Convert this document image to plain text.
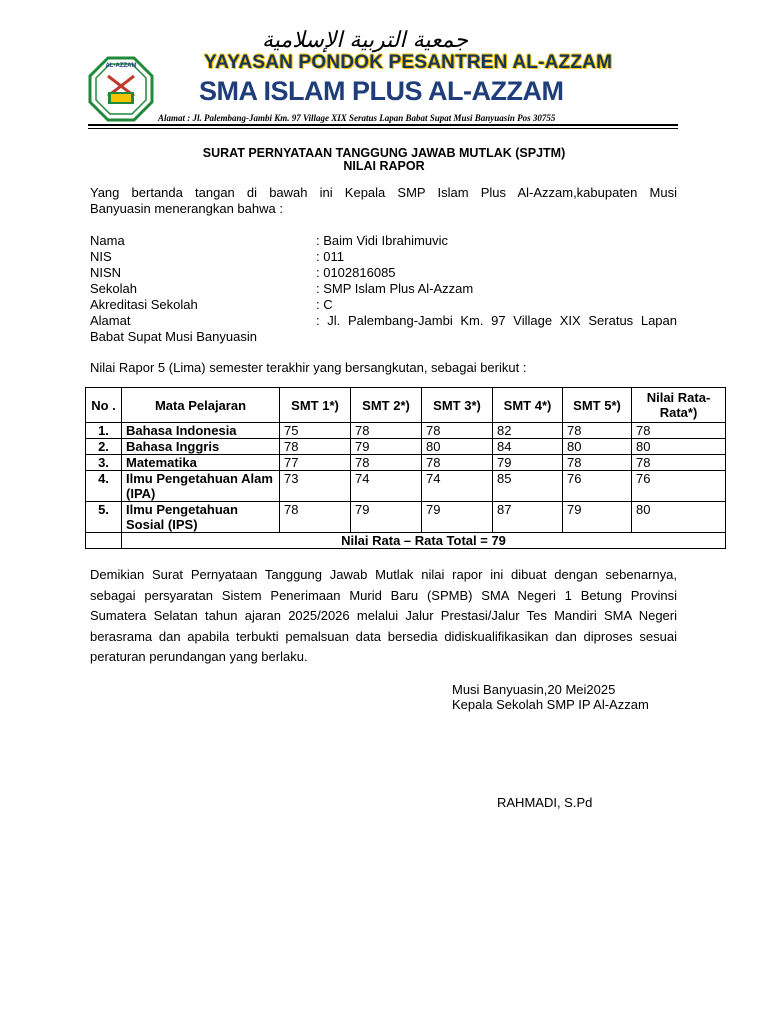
AL-AZZAM
جمعية التربية الإسلامية
YAYASAN PONDOK PESANTREN AL-AZZAM
SMA ISLAM PLUS AL-AZZAM
Alamat : Jl. Palembang-Jambi Km. 97 Village XIX Seratus Lapan Babat Supat Musi Banyuasin Pos 30755
SURAT PERNYATAAN TANGGUNG JAWAB MUTLAK (SPJTM)
NILAI RAPOR
Yang bertanda tangan di bawah ini Kepala SMP Islam Plus Al-Azzam,kabupaten Musi
Banyuasin menerangkan bahwa :
Nama	: Baim Vidi Ibrahimuvic
NIS	: 011
NISN	: 0102816085
Sekolah	: SMP Islam Plus Al-Azzam
Akreditasi Sekolah	: C
Alamat	: Jl. Palembang-Jambi Km. 97 Village XIX Seratus Lapan
Babat Supat Musi Banyuasin
Nilai Rapor 5 (Lima) semester terakhir yang bersangkutan, sebagai berikut :
No .	Mata Pelajaran	SMT 1*)	SMT 2*)	SMT 3*)	SMT 4*)	SMT 5*)	Nilai Rata-Rata*)
1.	Bahasa Indonesia	75	78	78	82	78	78
2.	Bahasa Inggris	78	79	80	84	80	80
3.	Matematika	77	78	78	79	78	78
4.	Ilmu Pengetahuan Alam (IPA)	73	74	74	85	76	76
5.	Ilmu Pengetahuan Sosial (IPS)	78	79	79	87	79	80
	Nilai Rata – Rata Total = 79						
Demikian Surat Pernyataan Tanggung Jawab Mutlak nilai rapor ini dibuat dengan sebenarnya, sebagai persyaratan Sistem Penerimaan Murid Baru (SPMB) SMA Negeri 1 Betung Provinsi Sumatera Selatan tahun ajaran 2025/2026 melalui Jalur Prestasi/Jalur Tes Mandiri SMA Negeri berasrama dan apabila terbukti pemalsuan data bersedia didiskualifikasikan dan diproses sesuai peraturan perundangan yang berlaku.
Musi Banyuasin,20 Mei2025
Kepala Sekolah SMP IP Al-Azzam
RAHMADI, S.Pd
